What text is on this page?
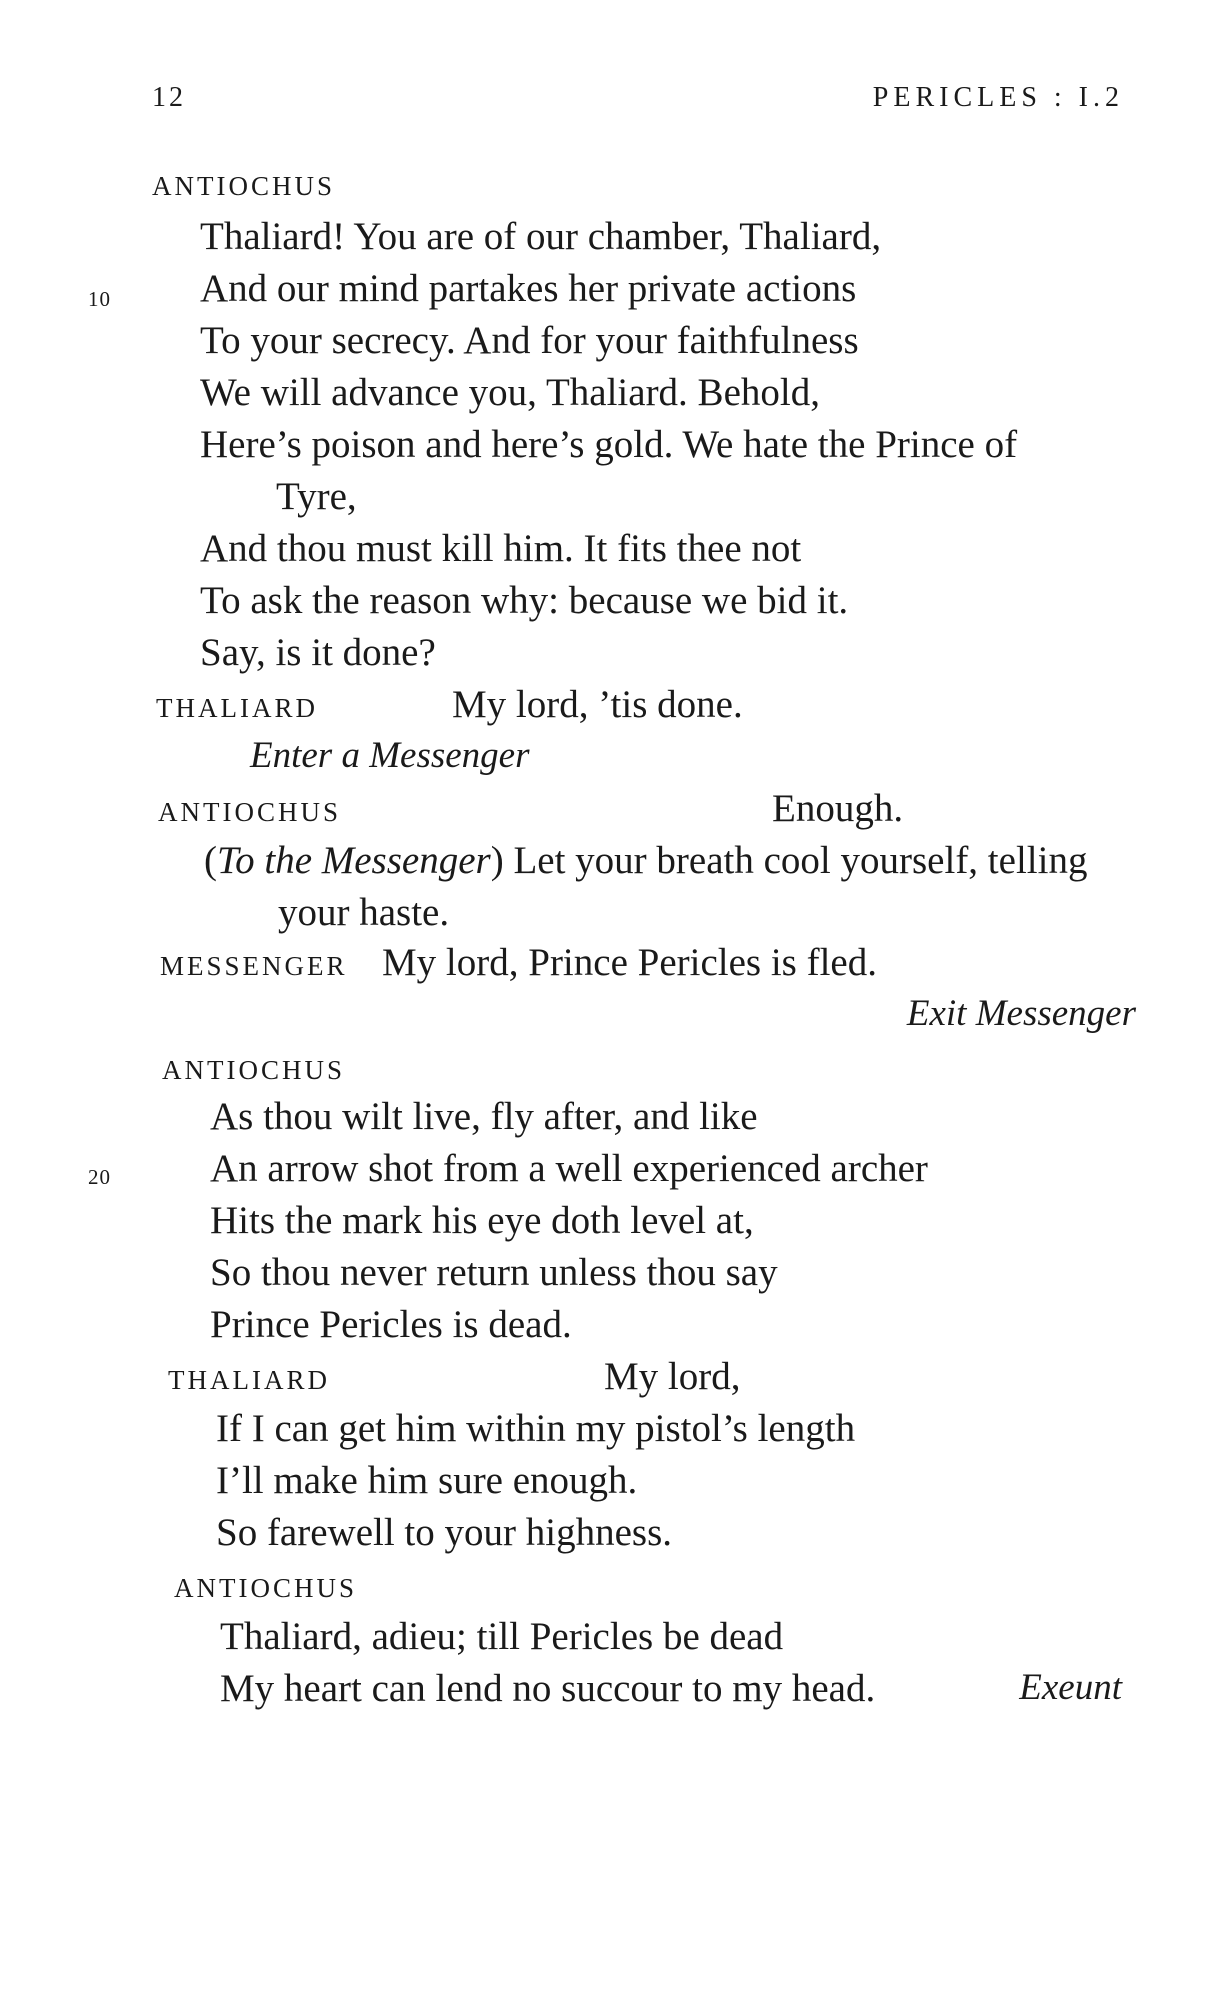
12	PERICLES : I.2
ANTIOCHUS
Thaliard! You are of our chamber, Thaliard,
10 And our mind partakes her private actions
To your secrecy. And for your faithfulness
We will advance you, Thaliard. Behold,
Here’s poison and here’s gold. We hate the Prince of
Tyre,
And thou must kill him. It fits thee not
To ask the reason why: because we bid it.
Say, is it done?
THALIARD	My lord, ’tis done.
Enter a Messenger
ANTIOCHUS	Enough.
(To the Messenger) Let your breath cool yourself, telling
your haste.
MESSENGER My lord, Prince Pericles is fled.
Exit Messenger
ANTIOCHUS
As thou wilt live, fly after, and like
20	An arrow shot from a well experienced archer
Hits the mark his eye doth level at,
So thou never return unless thou say
Prince Pericles is dead.
THALIARD	My lord,
If I can get him within my pistol’s length
I’ll make him sure enough.
So farewell to your highness.
ANTIOCHUS
Thaliard, adieu; till Pericles be dead
My heart can lend no succour to my head.	Exeunt
